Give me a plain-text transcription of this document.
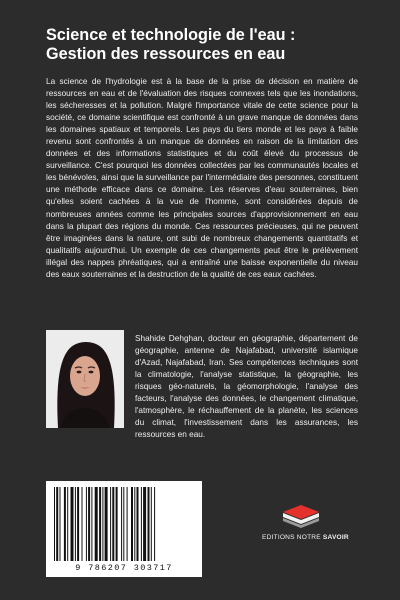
Science et technologie de l'eau :
Gestion des ressources en eau

La science de l'hydrologie est à la base de la prise de décision en matière de ressources en eau et de l'évaluation des risques connexes tels que les inondations, les sécheresses et la pollution. Malgré l'importance vitale de cette science pour la société, ce domaine scientifique est confronté à un grave manque de données dans les domaines spatiaux et temporels. Les pays du tiers monde et les pays à faible revenu sont confrontés à un manque de données en raison de la limitation des données et des informations statistiques et du coût élevé du processus de surveillance. C'est pourquoi les données collectées par les communautés locales et les bénévoles, ainsi que la surveillance par l'intermédiaire des personnes, constituent une méthode efficace dans ce domaine. Les réserves d'eau souterraines, bien qu'elles soient cachées à la vue de l'homme, sont considérées depuis de nombreuses années comme les principales sources d'approvisionnement en eau dans la plupart des régions du monde. Ces ressources précieuses, qui ne peuvent être imaginées dans la nature, ont subi de nombreux changements quantitatifs et qualitatifs aujourd'hui. Un exemple de ces changements peut être le prélèvement illégal des nappes phréatiques, qui a entraîné une baisse exponentielle du niveau des eaux souterraines et la destruction de la qualité de ces eaux cachées.

Shahide Dehghan, docteur en géographie, département de géographie, antenne de Najafabad, université islamique d'Azad, Najafabad, Iran. Ses compétences techniques sont la climatologie, l'analyse statistique, la géographie, les risques géo-naturels, la géomorphologie, l'analyse des facteurs, l'analyse des données, le changement climatique, l'atmosphère, le réchauffement de la planète, les sciences du climat, l'investissement dans les assurances, les ressources en eau.

9 786207 303717
EDITIONS NOTRE SAVOIR
